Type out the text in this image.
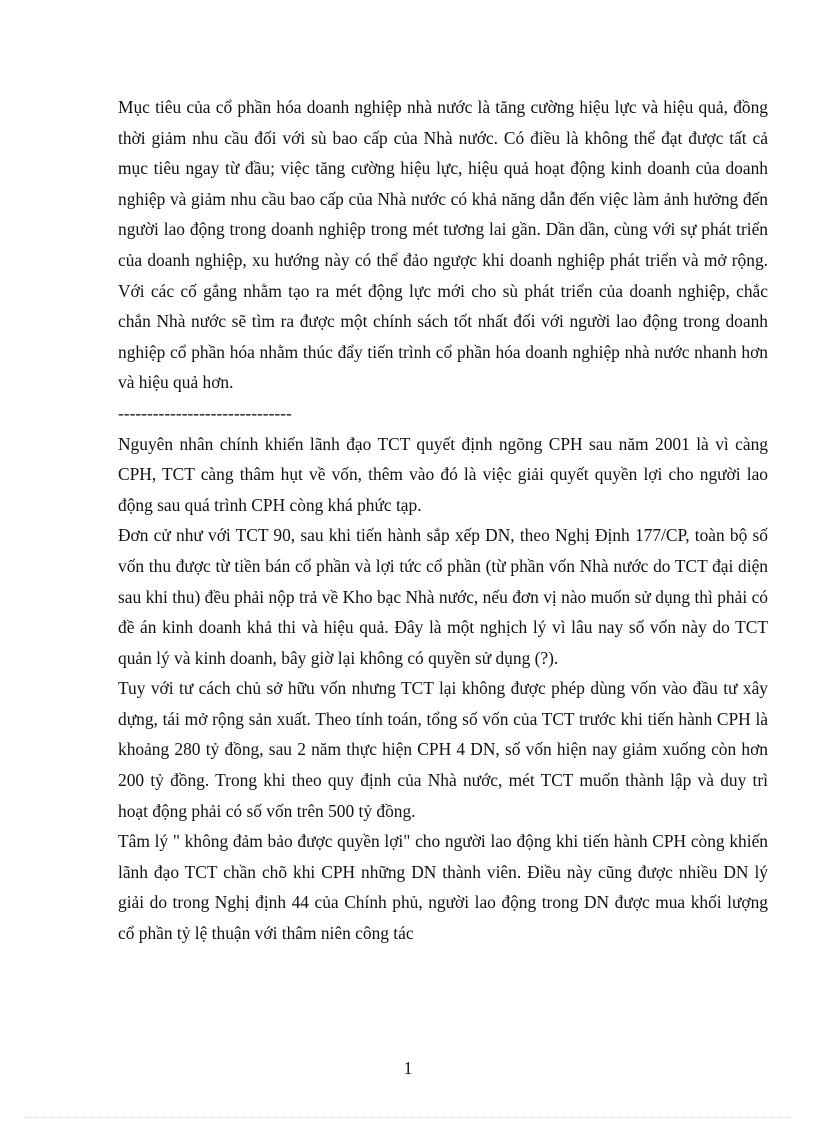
Mục tiêu của cổ phần hóa doanh nghiệp nhà nước là tăng cường hiệu lực và hiệu quả, đồng thời giảm nhu cầu đối với sù bao cấp của Nhà nước. Có điều là không thể đạt được tất cả mục tiêu ngay từ đầu; việc tăng cường hiệu lực, hiệu quả hoạt động kinh doanh của doanh nghiệp và giảm nhu cầu bao cấp của Nhà nước có khả năng dẫn đến việc làm ảnh hưởng đến người lao động trong doanh nghiệp trong mét tương lai gần. Dần dần, cùng với sự phát triển của doanh nghiệp, xu hướng này có thể đảo ngược khi doanh nghiệp phát triển và mở rộng. Với các cố gắng nhằm tạo ra mét động lực mới cho sù phát triển của doanh nghiệp, chắc chắn Nhà nước sẽ tìm ra được một chính sách tốt nhất đối với người lao động trong doanh nghiệp cổ phần hóa nhằm thúc đẩy tiến trình cổ phần hóa doanh nghiệp nhà nước nhanh hơn và hiệu quả hơn.

------------------------------

Nguyên nhân chính khiến lãnh đạo TCT quyết định ngõng CPH sau năm 2001 là vì càng CPH, TCT càng thâm hụt về vốn, thêm vào đó là việc giải quyết quyền lợi cho người lao động sau quá trình CPH còng khá phức tạp.

Đơn cử như với TCT 90, sau khi tiến hành sắp xếp DN, theo Nghị Định 177/CP, toàn bộ số vốn thu được từ tiền bán cổ phần và lợi tức cổ phần (từ phần vốn Nhà nước do TCT đại diện sau khi thu) đều phải nộp trả về Kho bạc Nhà nước, nếu đơn vị nào muốn sử dụng thì phải có đề án kinh doanh khả thi và hiệu quả. Đây là một nghịch lý vì lâu nay số vốn này do TCT quản lý và kinh doanh, bây giờ lại không có quyền sử dụng (?).

Tuy với tư cách chủ sở hữu vốn nhưng TCT lại không được phép dùng vốn vào đầu tư xây dựng, tái mở rộng sản xuất. Theo tính toán, tổng số vốn của TCT trước khi tiến hành CPH là khoảng 280 tỷ đồng, sau 2 năm thực hiện CPH 4 DN, số vốn hiện nay giảm xuống còn hơn 200 tỷ đồng. Trong khi theo quy định của Nhà nước, mét TCT muốn thành lập và duy trì hoạt động phải có số vốn trên 500 tỷ đồng.

Tâm lý " không đảm bảo được quyền lợi" cho người lao động khi tiến hành CPH còng khiến lãnh đạo TCT chần chõ khi CPH những DN thành viên. Điều này cũng được nhiều DN lý giải do trong Nghị định 44 của Chính phủ, người lao động trong DN được mua khối lượng cổ phần tỷ lệ thuận với thâm niên công tác

1
